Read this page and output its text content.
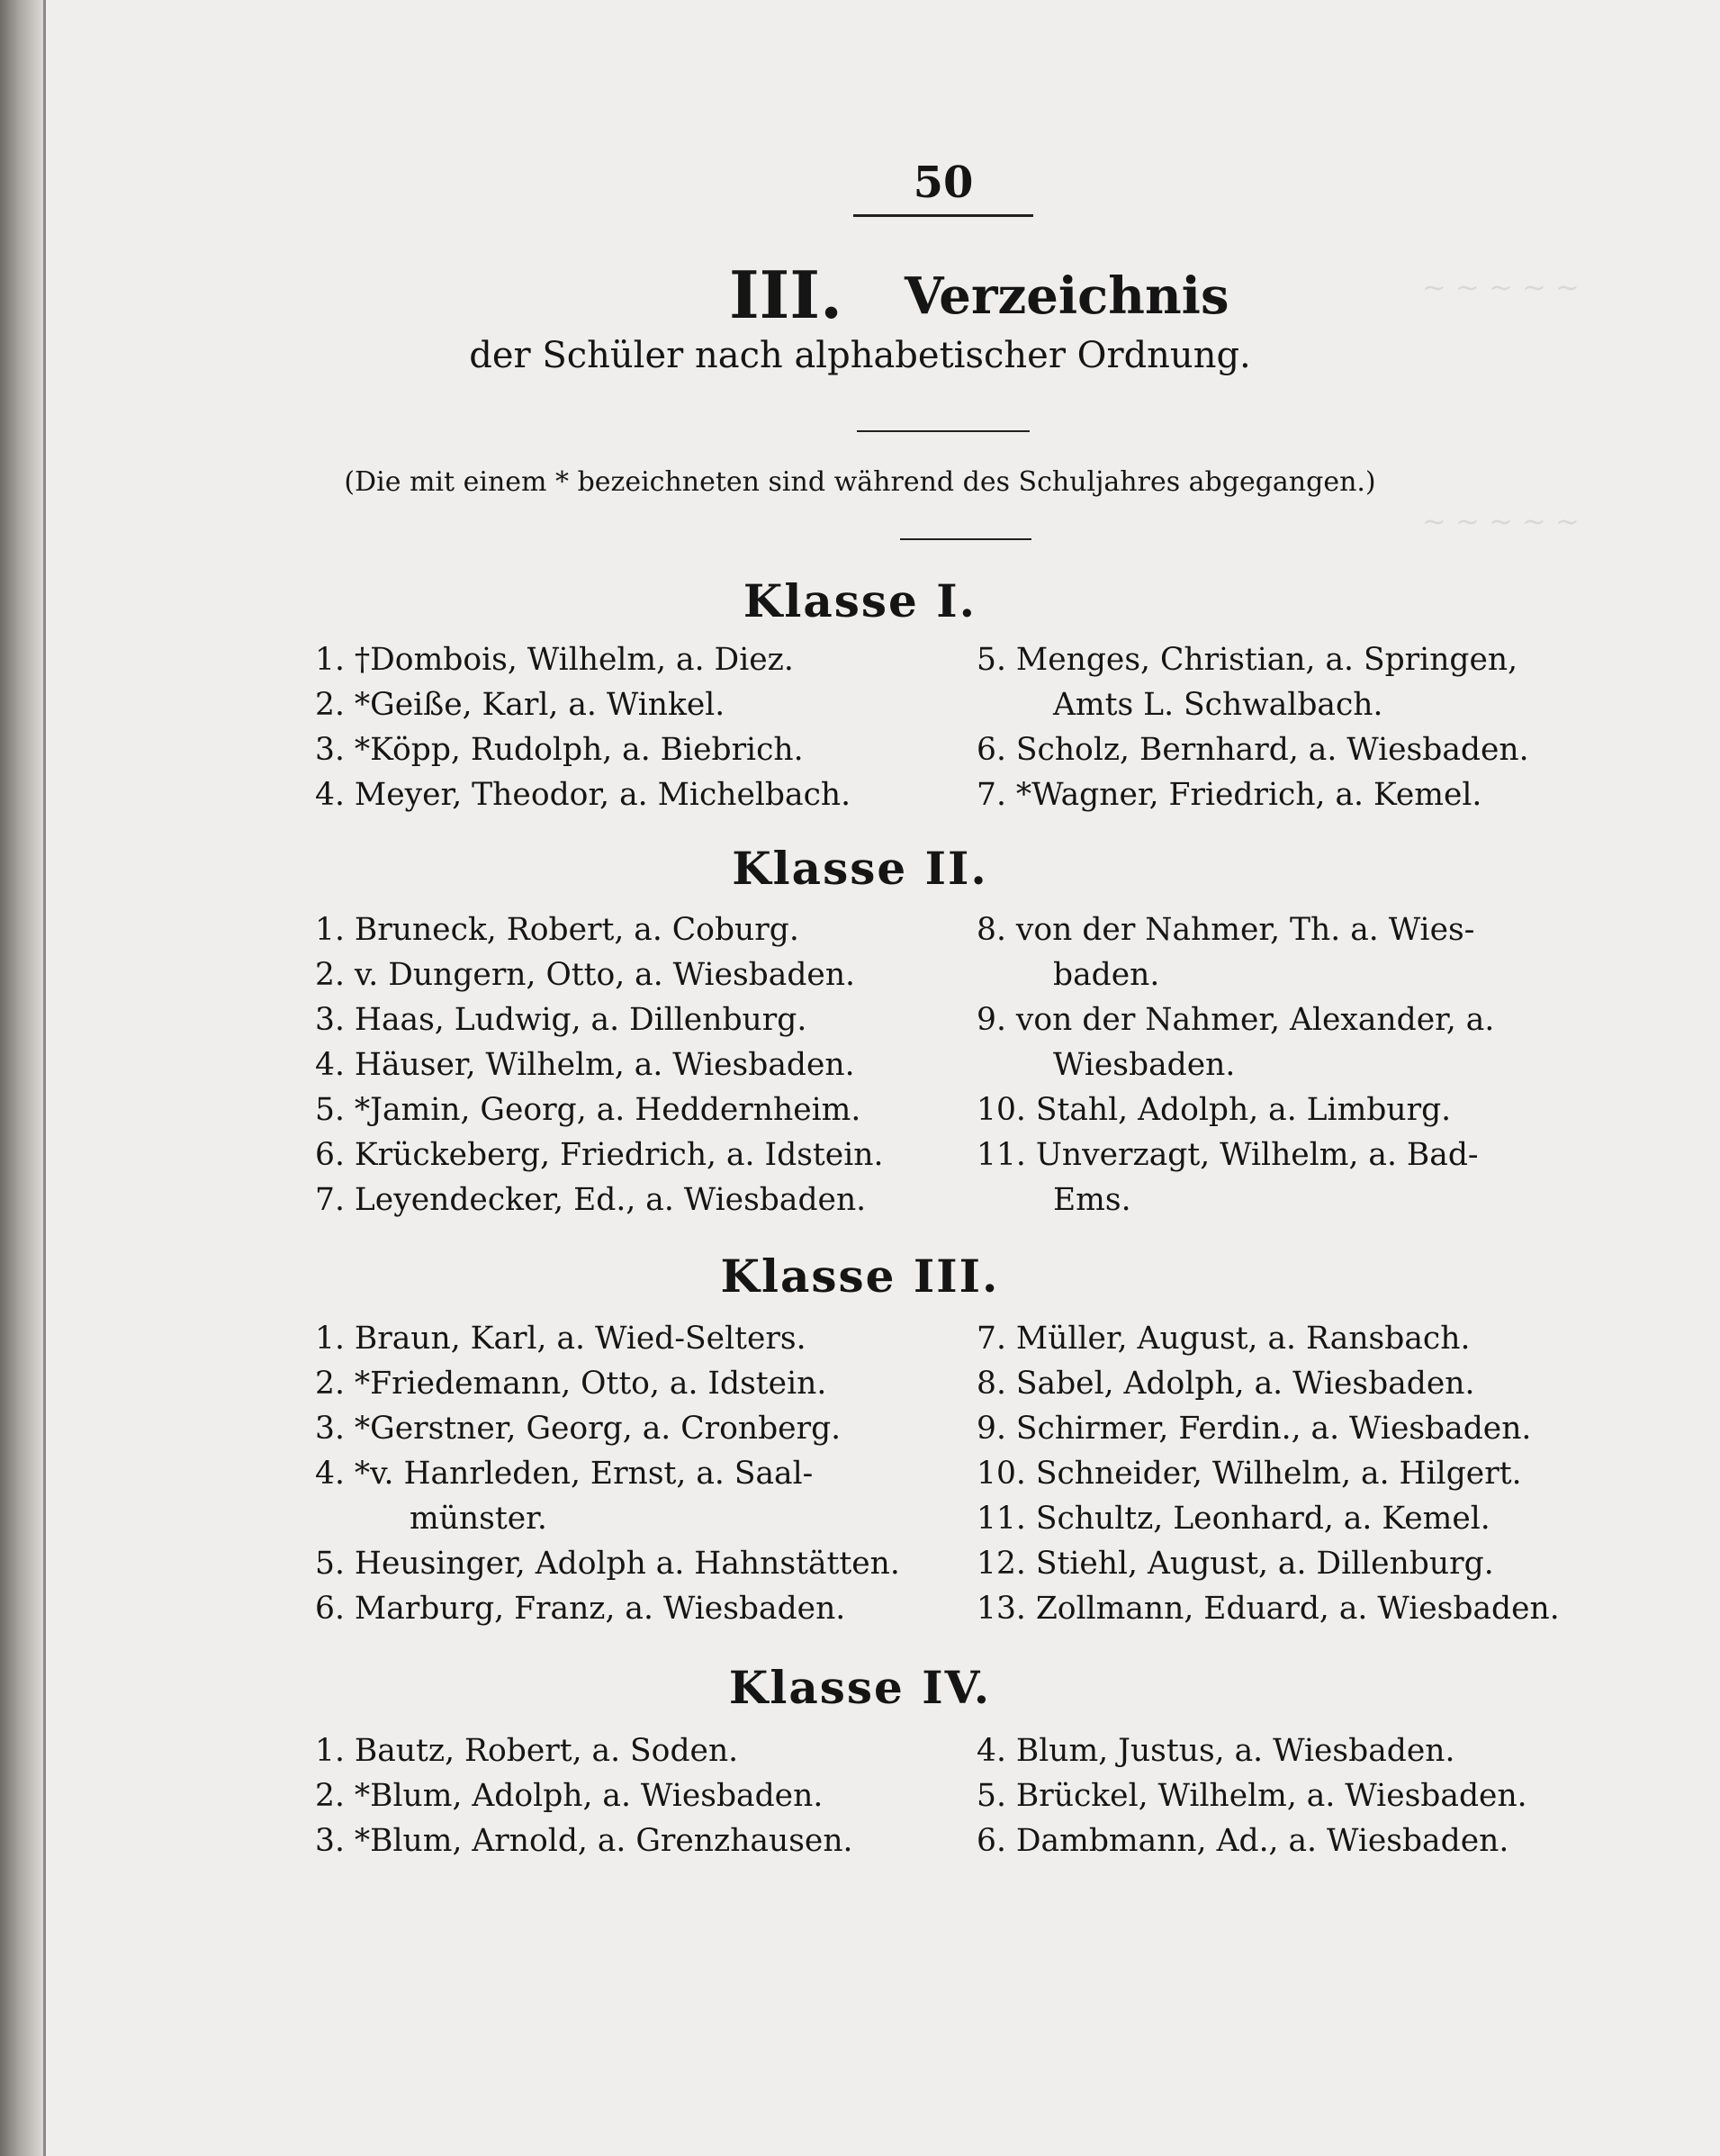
~ ~ ~ ~ ~
~ ~ ~ ~ ~
50
III. Verzeichnis
der Schüler nach alphabetischer Ordnung.
(Die mit einem * bezeichneten sind während des Schuljahres abgegangen.)
Klasse I.
1. †Dombois, Wilhelm, a. Diez.
2. *Geiße, Karl, a. Winkel.
3. *Köpp, Rudolph, a. Biebrich.
4. Meyer, Theodor, a. Michelbach.
5. Menges, Christian, a. Springen,
Amts L. Schwalbach.
6. Scholz, Bernhard, a. Wiesbaden.
7. *Wagner, Friedrich, a. Kemel.
Klasse II.
1. Bruneck, Robert, a. Coburg.
2. v. Dungern, Otto, a. Wiesbaden.
3. Haas, Ludwig, a. Dillenburg.
4. Häuser, Wilhelm, a. Wiesbaden.
5. *Jamin, Georg, a. Heddernheim.
6. Krückeberg, Friedrich, a. Idstein.
7. Leyendecker, Ed., a. Wiesbaden.
8. von der Nahmer, Th. a. Wies-
baden.
9. von der Nahmer, Alexander, a.
Wiesbaden.
10. Stahl, Adolph, a. Limburg.
11. Unverzagt, Wilhelm, a. Bad-
Ems.
Klasse III.
1. Braun, Karl, a. Wied-Selters.
2. *Friedemann, Otto, a. Idstein.
3. *Gerstner, Georg, a. Cronberg.
4. *v. Hanrleden, Ernst, a. Saal-
münster.
5. Heusinger, Adolph a. Hahnstätten.
6. Marburg, Franz, a. Wiesbaden.
7. Müller, August, a. Ransbach.
8. Sabel, Adolph, a. Wiesbaden.
9. Schirmer, Ferdin., a. Wiesbaden.
10. Schneider, Wilhelm, a. Hilgert.
11. Schultz, Leonhard, a. Kemel.
12. Stiehl, August, a. Dillenburg.
13. Zollmann, Eduard, a. Wiesbaden.
Klasse IV.
1. Bautz, Robert, a. Soden.
2. *Blum, Adolph, a. Wiesbaden.
3. *Blum, Arnold, a. Grenzhausen.
4. Blum, Justus, a. Wiesbaden.
5. Brückel, Wilhelm, a. Wiesbaden.
6. Dambmann, Ad., a. Wiesbaden.
